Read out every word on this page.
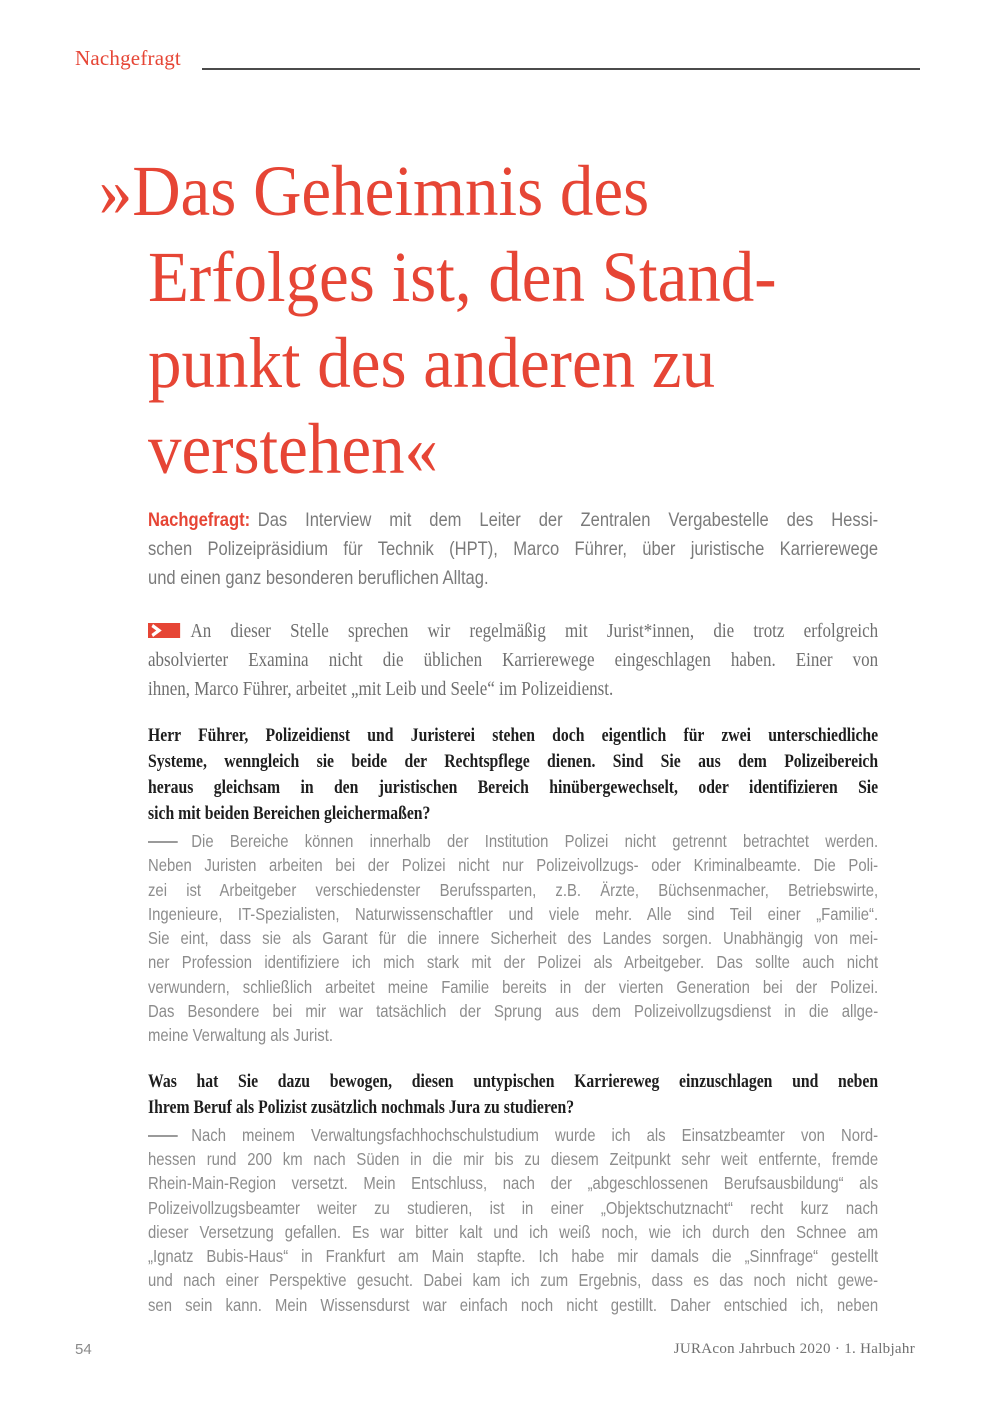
Nachgefragt
»Das Geheimnis des
Erfolges ist, den Stand-
punkt des anderen zu
verstehen«
Nachgefragt: Das Interview mit dem Leiter der Zentralen Vergabestelle des Hessi-
schen Polizeipräsidium für Technik (HPT), Marco Führer, über juristische Karrierewege
und einen ganz besonderen beruflichen Alltag.
An dieser Stelle sprechen wir regelmäßig mit Jurist*innen, die trotz erfolgreich
absolvierter Examina nicht die üblichen Karrierewege eingeschlagen haben. Einer von
ihnen, Marco Führer, arbeitet „mit Leib und Seele“ im Polizeidienst.
Herr Führer, Polizeidienst und Juristerei stehen doch eigentlich für zwei unterschiedliche
Systeme, wenngleich sie beide der Rechtspflege dienen. Sind Sie aus dem Polizeibereich
heraus gleichsam in den juristischen Bereich hinübergewechselt, oder identifizieren Sie
sich mit beiden Bereichen gleichermaßen?
Die Bereiche können innerhalb der Institution Polizei nicht getrennt betrachtet werden.
Neben Juristen arbeiten bei der Polizei nicht nur Polizeivollzugs- oder Kriminalbeamte. Die Poli-
zei ist Arbeitgeber verschiedenster Berufssparten, z.B. Ärzte, Büchsenmacher, Betriebswirte,
Ingenieure, IT-Spezialisten, Naturwissenschaftler und viele mehr. Alle sind Teil einer „Familie“.
Sie eint, dass sie als Garant für die innere Sicherheit des Landes sorgen. Unabhängig von mei-
ner Profession identifiziere ich mich stark mit der Polizei als Arbeitgeber. Das sollte auch nicht
verwundern, schließlich arbeitet meine Familie bereits in der vierten Generation bei der Polizei.
Das Besondere bei mir war tatsächlich der Sprung aus dem Polizeivollzugsdienst in die allge-
meine Verwaltung als Jurist.
Was hat Sie dazu bewogen, diesen untypischen Karriereweg einzuschlagen und neben
Ihrem Beruf als Polizist zusätzlich nochmals Jura zu studieren?
Nach meinem Verwaltungsfachhochschulstudium wurde ich als Einsatzbeamter von Nord-
hessen rund 200 km nach Süden in die mir bis zu diesem Zeitpunkt sehr weit entfernte, fremde
Rhein-Main-Region versetzt. Mein Entschluss, nach der „abgeschlossenen Berufsausbildung“ als
Polizeivollzugsbeamter weiter zu studieren, ist in einer „Objektschutznacht“ recht kurz nach
dieser Versetzung gefallen. Es war bitter kalt und ich weiß noch, wie ich durch den Schnee am
„Ignatz Bubis-Haus“ in Frankfurt am Main stapfte. Ich habe mir damals die „Sinnfrage“ gestellt
und nach einer Perspektive gesucht. Dabei kam ich zum Ergebnis, dass es das noch nicht gewe-
sen sein kann. Mein Wissensdurst war einfach noch nicht gestillt. Daher entschied ich, neben
54	JURAcon Jahrbuch 2020 · 1. Halbjahr
